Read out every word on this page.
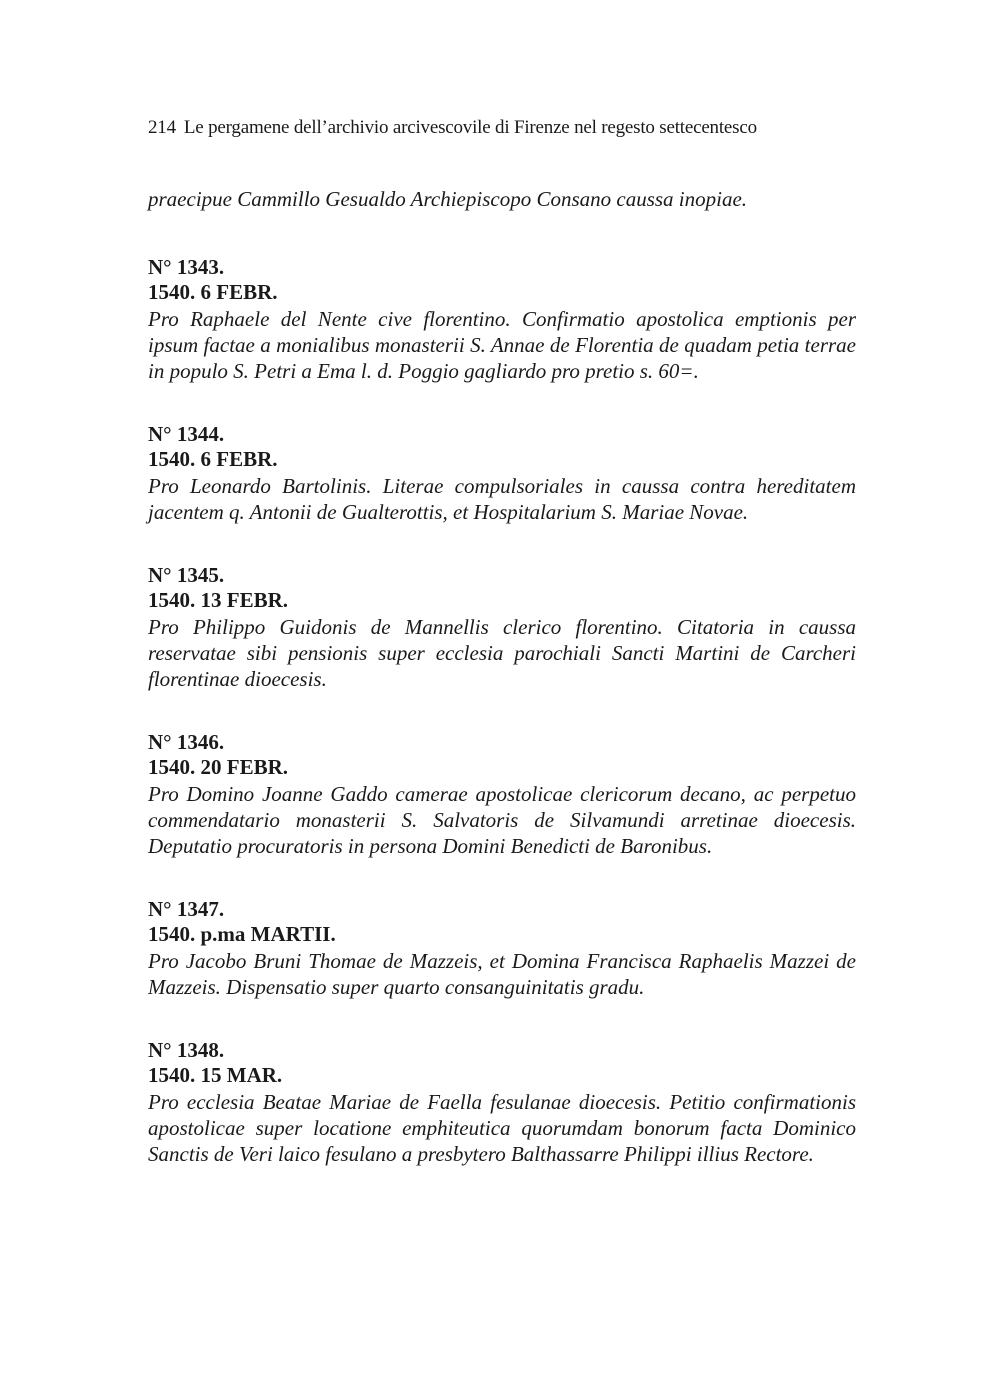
214 Le pergamene dell’archivio arcivescovile di Firenze nel regesto settecentesco

praecipue Cammillo Gesualdo Archiepiscopo Consano caussa inopiae.

N° 1343.

1540. 6 FEBR.

Pro Raphaele del Nente cive florentino. Confirmatio apostolica emptionis per ipsum factae a monialibus monasterii S. Annae de Florentia de quadam petia terrae in populo S. Petri a Ema l. d. Poggio gagliardo pro pretio s. 60=.

N° 1344.

1540. 6 FEBR.

Pro Leonardo Bartolinis. Literae compulsoriales in caussa contra hereditatem jacentem q. Antonii de Gualterottis, et Hospitalarium S. Mariae Novae.

N° 1345.

1540. 13 FEBR.

Pro Philippo Guidonis de Mannellis clerico florentino. Citatoria in caussa reservatae sibi pensionis super ecclesia parochiali Sancti Martini de Carcheri florentinae dioecesis.

N° 1346.

1540. 20 FEBR.

Pro Domino Joanne Gaddo camerae apostolicae clericorum decano, ac perpetuo commendatario monasterii S. Salvatoris de Silvamundi arretinae dioecesis. Deputatio procuratoris in persona Domini Benedicti de Baronibus.

N° 1347.

1540. p.ma MARTII.

Pro Jacobo Bruni Thomae de Mazzeis, et Domina Francisca Raphaelis Mazzei de Mazzeis. Dispensatio super quarto consanguinitatis gradu.

N° 1348.

1540. 15 MAR.

Pro ecclesia Beatae Mariae de Faella fesulanae dioecesis. Petitio confirmationis apostolicae super locatione emphiteutica quorumdam bonorum facta Dominico Sanctis de Veri laico fesulano a presbytero Balthassarre Philippi illius Rectore.
